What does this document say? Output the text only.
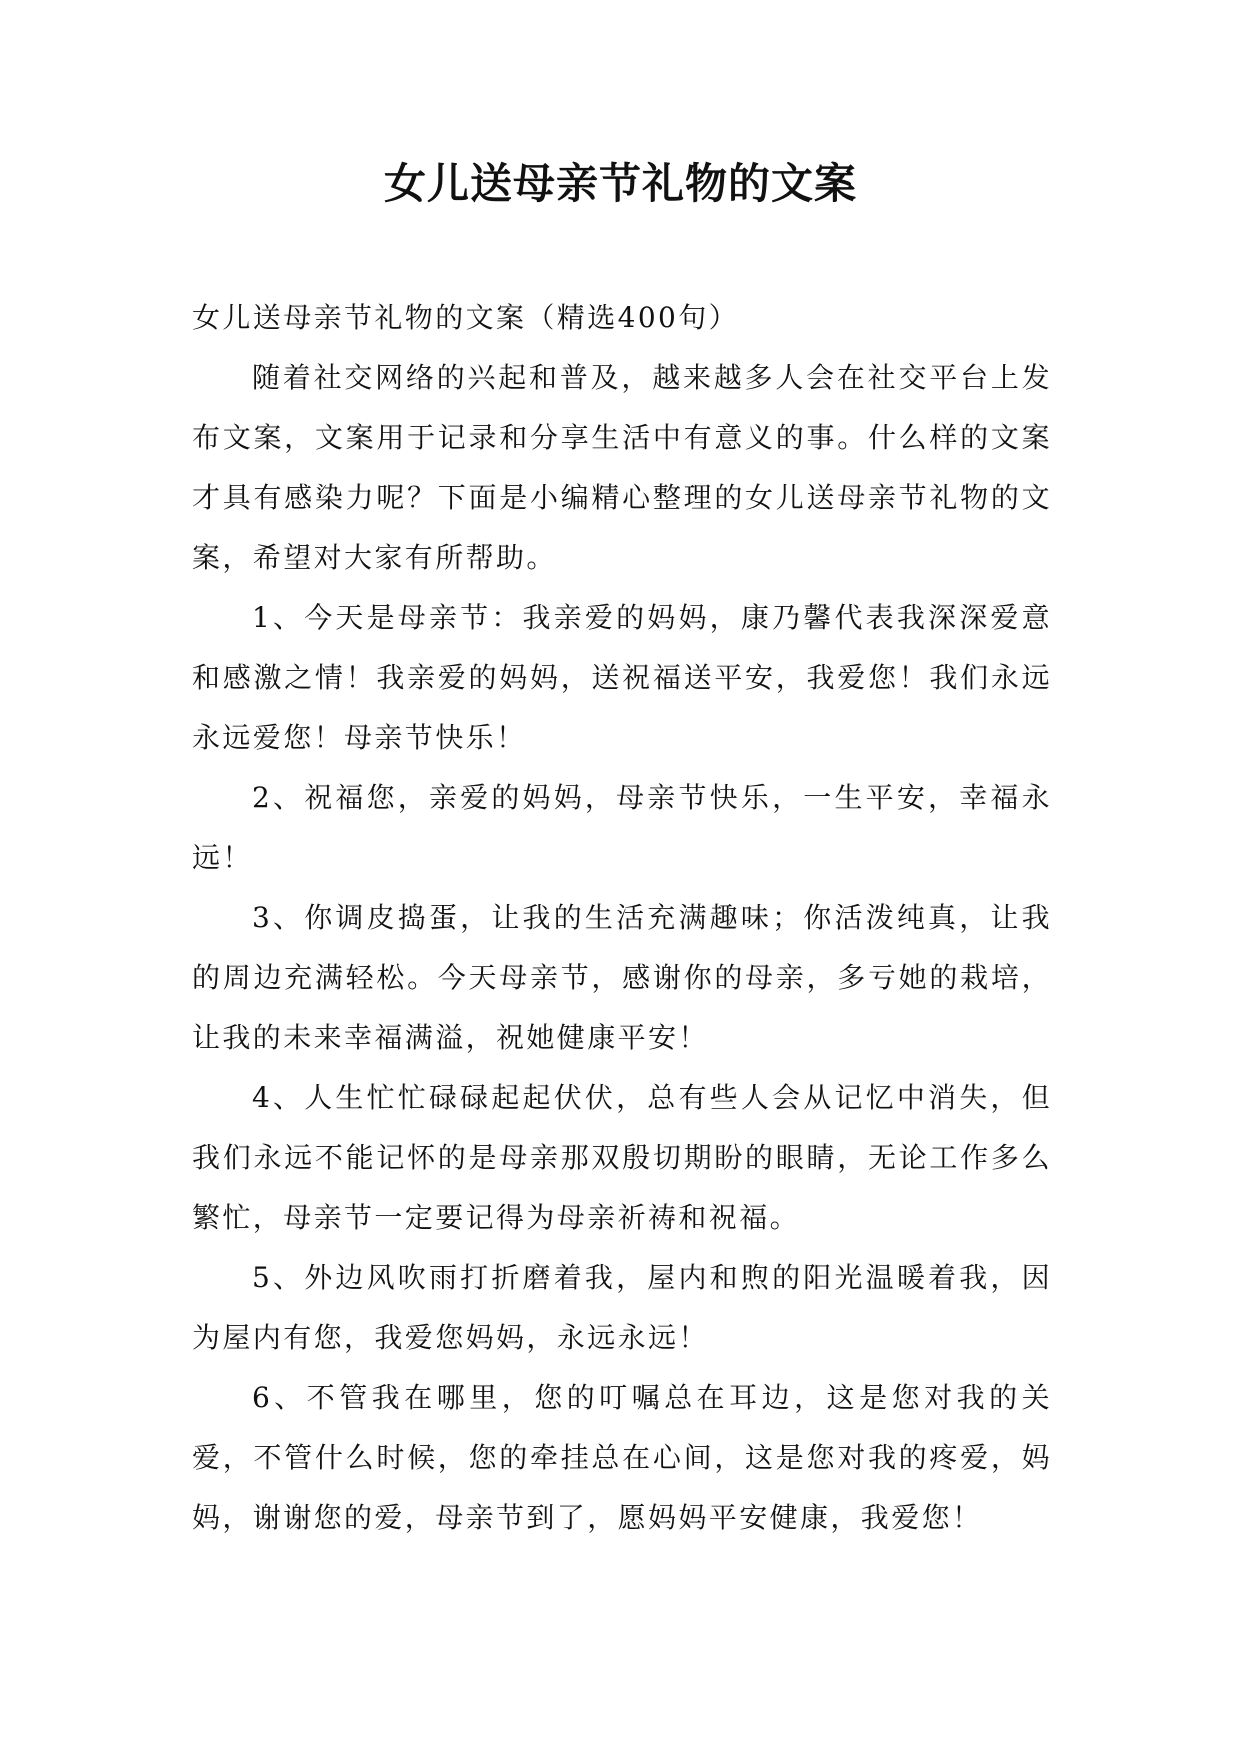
女儿送母亲节礼物的文案

女儿送母亲节礼物的文案（精选400句）

随着社交网络的兴起和普及，越来越多人会在社交平台上发布文案，文案用于记录和分享生活中有意义的事。什么样的文案才具有感染力呢？下面是小编精心整理的女儿送母亲节礼物的文案，希望对大家有所帮助。

1、今天是母亲节：我亲爱的妈妈，康乃馨代表我深深爱意和感激之情！我亲爱的妈妈，送祝福送平安，我爱您！我们永远永远爱您！母亲节快乐！

2、祝福您，亲爱的妈妈，母亲节快乐，一生平安，幸福永远！

3、你调皮捣蛋，让我的生活充满趣味；你活泼纯真，让我的周边充满轻松。今天母亲节，感谢你的母亲，多亏她的栽培，让我的未来幸福满溢，祝她健康平安！

4、人生忙忙碌碌起起伏伏，总有些人会从记忆中消失，但我们永远不能记怀的是母亲那双殷切期盼的眼睛，无论工作多么繁忙，母亲节一定要记得为母亲祈祷和祝福。

5、外边风吹雨打折磨着我，屋内和煦的阳光温暖着我，因为屋内有您，我爱您妈妈，永远永远！

6、不管我在哪里，您的叮嘱总在耳边，这是您对我的关爱，不管什么时候，您的牵挂总在心间，这是您对我的疼爱，妈妈，谢谢您的爱，母亲节到了，愿妈妈平安健康，我爱您！
